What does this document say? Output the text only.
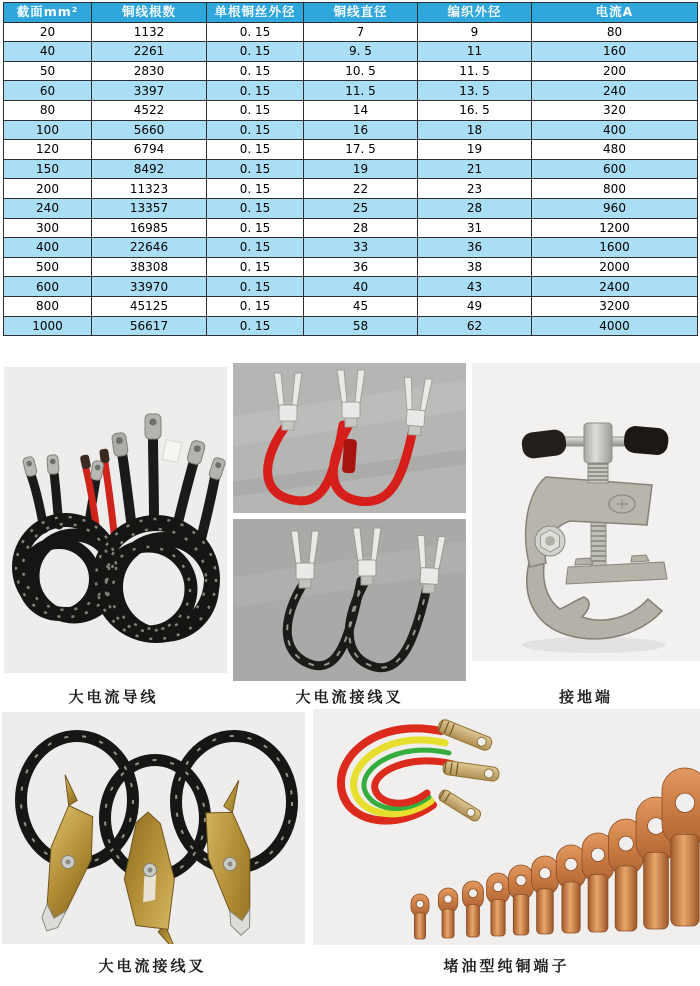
截面mm²	铜线根数	单根铜丝外径	铜线直径	编织外径	电流A
20	1132	0. 15	7	9	80
40	2261	0. 15	9. 5	11	160
50	2830	0. 15	10. 5	11. 5	200
60	3397	0. 15	11. 5	13. 5	240
80	4522	0. 15	14	16. 5	320
100	5660	0. 15	16	18	400
120	6794	0. 15	17. 5	19	480
150	8492	0. 15	19	21	600
200	11323	0. 15	22	23	800
240	13357	0. 15	25	28	960
300	16985	0. 15	28	31	1200
400	22646	0. 15	33	36	1600
500	38308	0. 15	36	38	2000
600	33970	0. 15	40	43	2400
800	45125	0. 15	45	49	3200
1000	56617	0. 15	58	62	4000
大电流导线	大电流接线叉	接地端
大电流接线叉	堵油型纯铜端子
